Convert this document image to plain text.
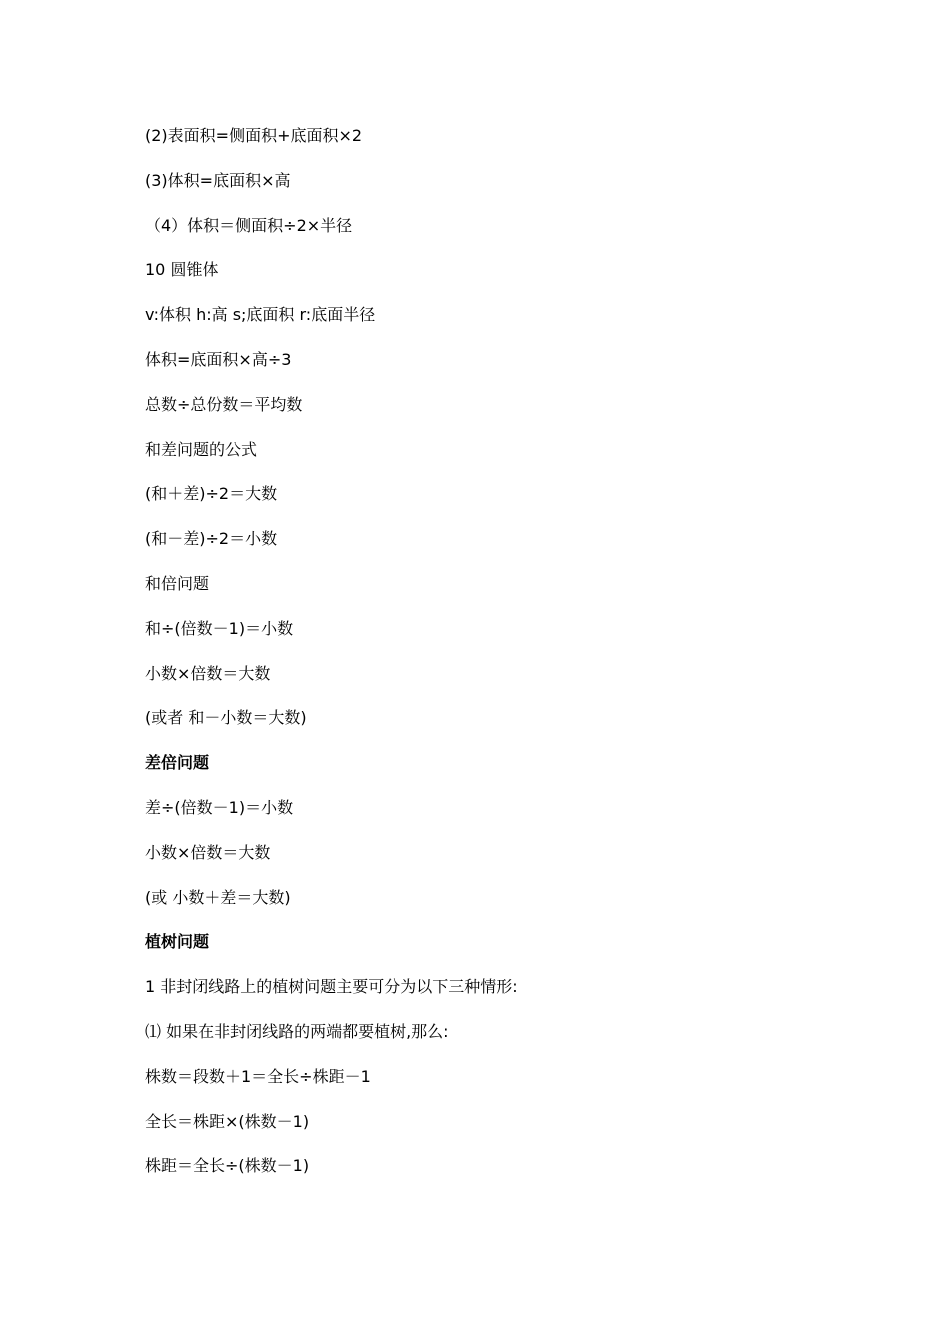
(2)表面积=侧面积+底面积×2
(3)体积=底面积×高
（4）体积＝侧面积÷2×半径
10 圆锥体
v:体积 h:高 s;底面积 r:底面半径
体积=底面积×高÷3
总数÷总份数＝平均数
和差问题的公式
(和＋差)÷2＝大数
(和－差)÷2＝小数
和倍问题
和÷(倍数－1)＝小数
小数×倍数＝大数
(或者 和－小数＝大数)
差倍问题
差÷(倍数－1)＝小数
小数×倍数＝大数
(或 小数＋差＝大数)
植树问题
1 非封闭线路上的植树问题主要可分为以下三种情形:
⑴ 如果在非封闭线路的两端都要植树,那么:
株数＝段数＋1＝全长÷株距－1
全长＝株距×(株数－1)
株距＝全长÷(株数－1)
